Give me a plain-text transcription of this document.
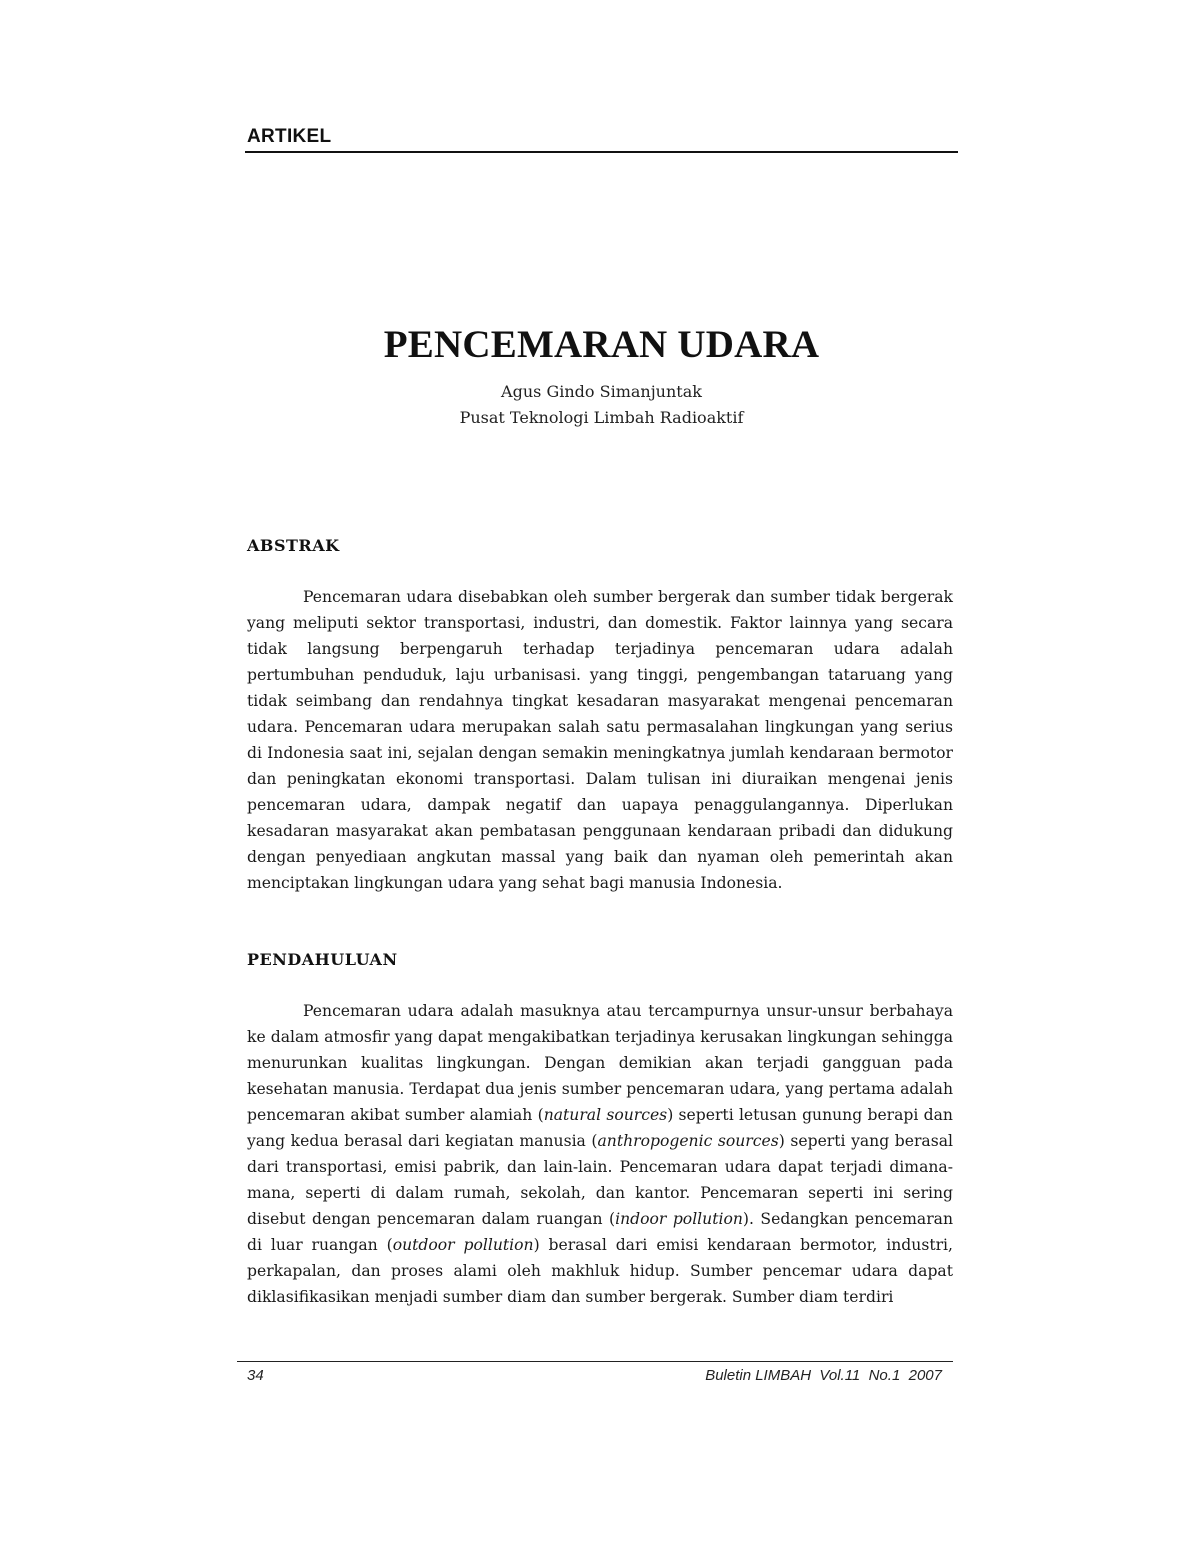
ARTIKEL
PENCEMARAN UDARA
Agus Gindo Simanjuntak
Pusat Teknologi Limbah Radioaktif
ABSTRAK

Pencemaran udara disebabkan oleh sumber bergerak dan sumber tidak bergerak yang meliputi sektor transportasi, industri, dan domestik. Faktor lainnya yang secara tidak langsung berpengaruh terhadap terjadinya pencemaran udara adalah pertumbuhan penduduk, laju urbanisasi. yang tinggi, pengembangan tataruang yang tidak seimbang dan rendahnya tingkat kesadaran masyarakat mengenai pencemaran udara. Pencemaran udara merupakan salah satu permasalahan lingkungan yang serius di Indonesia saat ini, sejalan dengan semakin meningkatnya jumlah kendaraan bermotor dan peningkatan ekonomi transportasi. Dalam tulisan ini diuraikan mengenai jenis pencemaran udara, dampak negatif dan uapaya penaggulangannya. Diperlukan kesadaran masyarakat akan pembatasan penggunaan kendaraan pribadi dan didukung dengan penyediaan angkutan massal yang baik dan nyaman oleh pemerintah akan menciptakan lingkungan udara yang sehat bagi manusia Indonesia.

PENDAHULUAN

Pencemaran udara adalah masuknya atau tercampurnya unsur-unsur berbahaya ke dalam atmosfir yang dapat mengakibatkan terjadinya kerusakan lingkungan sehingga menurunkan kualitas lingkungan. Dengan demikian akan terjadi gangguan pada kesehatan manusia. Terdapat dua jenis sumber pencemaran udara, yang pertama adalah pencemaran akibat sumber alamiah (natural sources) seperti letusan gunung berapi dan yang kedua berasal dari kegiatan manusia (anthropogenic sources) seperti yang berasal dari transportasi, emisi pabrik, dan lain-lain. Pencemaran udara dapat terjadi dimana-mana, seperti di dalam rumah, sekolah, dan kantor. Pencemaran seperti ini sering disebut dengan pencemaran dalam ruangan (indoor pollution). Sedangkan pencemaran di luar ruangan (outdoor pollution) berasal dari emisi kendaraan bermotor, industri, perkapalan, dan proses alami oleh makhluk hidup. Sumber pencemar udara dapat diklasifikasikan menjadi sumber diam dan sumber bergerak. Sumber diam terdiri

34	Buletin LIMBAH  Vol.11  No.1  2007
